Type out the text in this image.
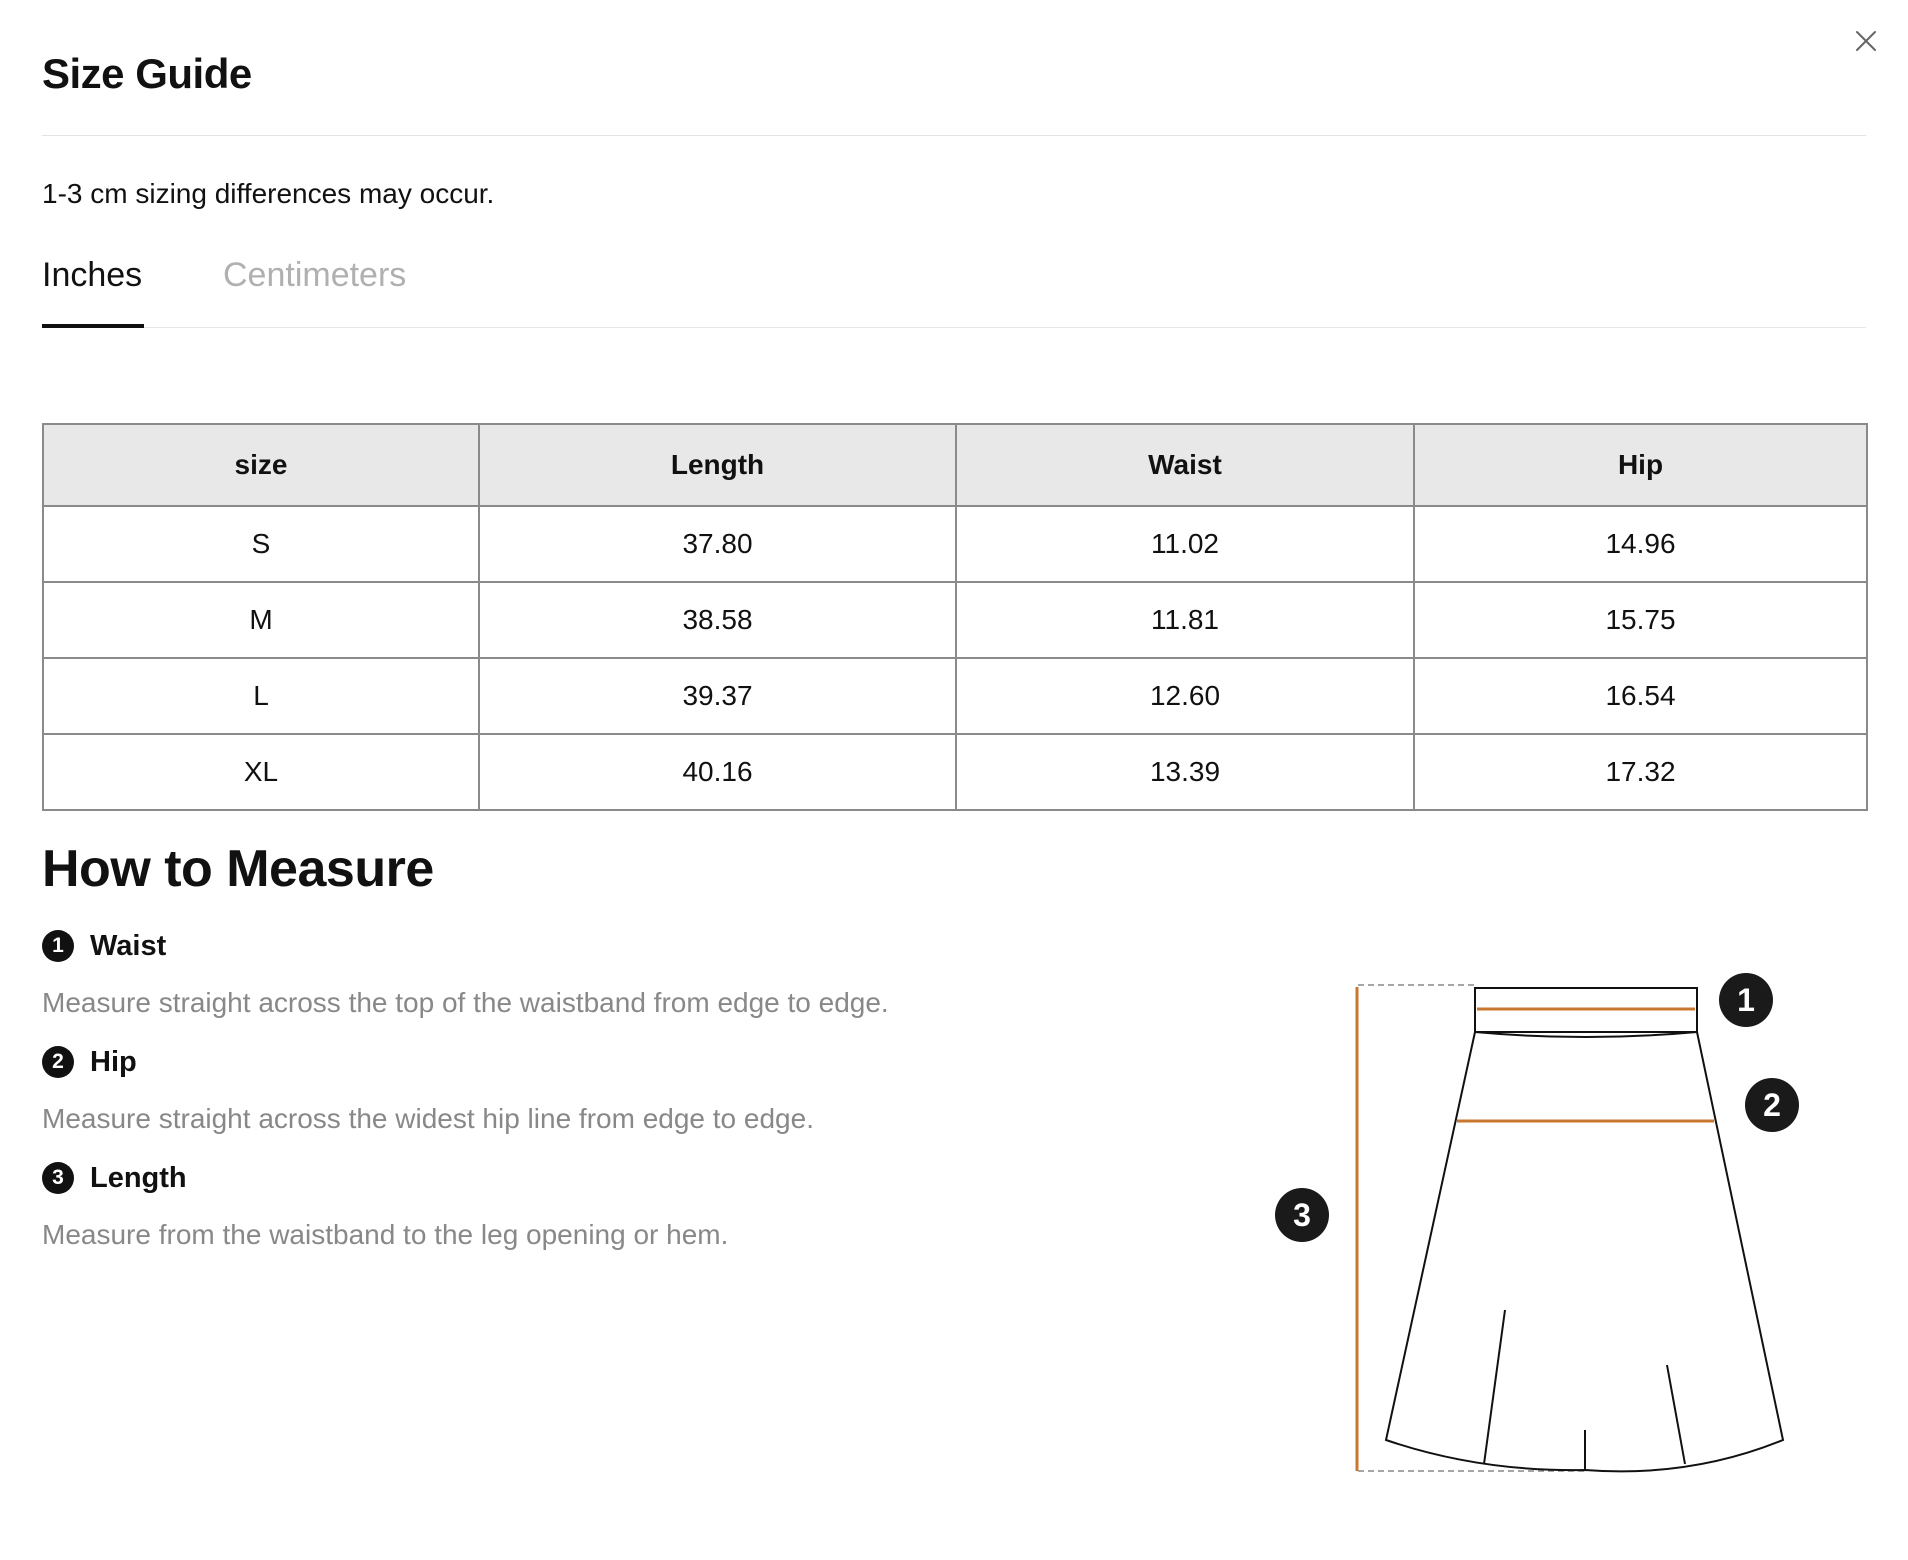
Size Guide
1-3 cm sizing differences may occur.
Inches Centimeters
size	Length	Waist	Hip
S	37.80	11.02	14.96
M	38.58	11.81	15.75
L	39.37	12.60	16.54
XL	40.16	13.39	17.32
How to Measure
1 Waist
Measure straight across the top of the waistband from edge to edge.
2 Hip
Measure straight across the widest hip line from edge to edge.
3 Length
Measure from the waistband to the leg opening or hem.
1
2
3
